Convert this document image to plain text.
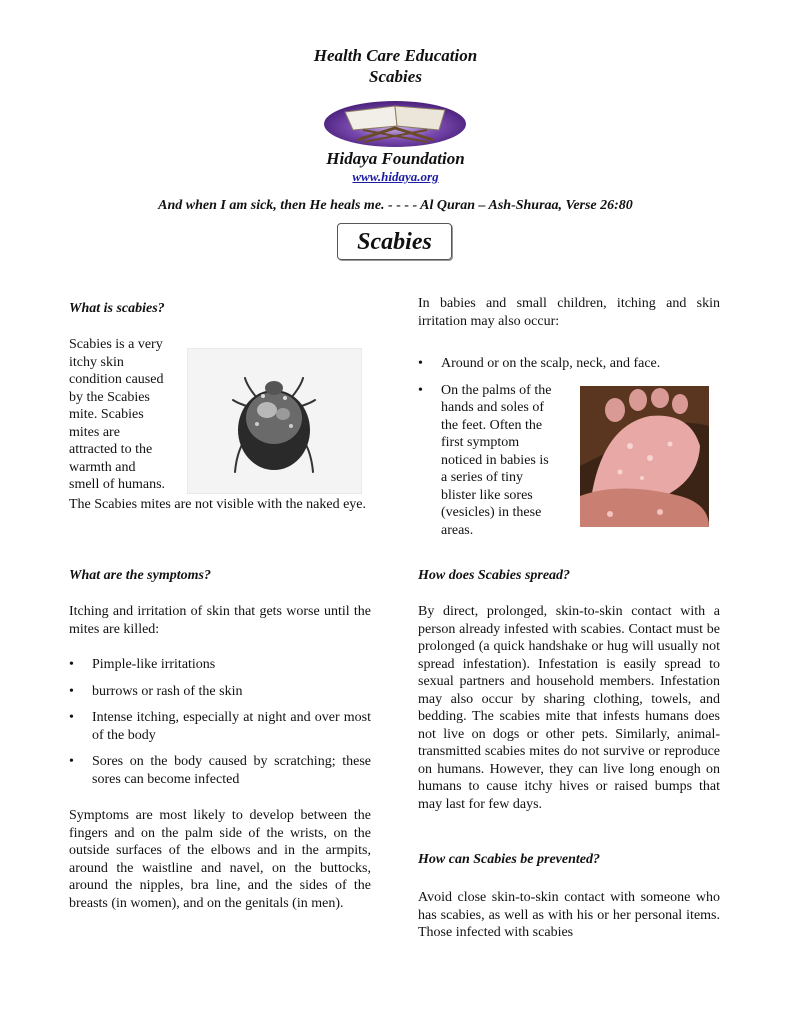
Health Care Education
Scabies
Hidaya Foundation
www.hidaya.org
And when I am sick, then He heals me. - - - - Al Quran – Ash-Shuraa, Verse 26:80
Scabies
What is scabies?
Scabies is a very
itchy skin
condition caused
by the Scabies
mite. Scabies
mites are
attracted to the
warmth and
smell of humans.
The Scabies mites are not visible with the naked eye.
What are the symptoms?
Itching and irritation of skin that gets worse until the mites are killed:
• Pimple-like irritations
• burrows or rash of the skin
• Intense itching, especially at night and over most of the body
• Sores on the body caused by scratching; these sores can become infected
Symptoms are most likely to develop between the fingers and on the palm side of the wrists, on the outside surfaces of the elbows and in the armpits, around the waistline and navel, on the buttocks, around the nipples, bra line, and the sides of the breasts (in women), and on the genitals (in men).
In babies and small children, itching and skin irritation may also occur:
• Around or on the scalp, neck, and face.
• On the palms of the
hands and soles of
the feet. Often the
first symptom
noticed in babies is
a series of tiny
blister like sores
(vesicles) in these
areas.
How does Scabies spread?
By direct, prolonged, skin-to-skin contact with a person already infested with scabies. Contact must be prolonged (a quick handshake or hug will usually not spread infestation). Infestation is easily spread to sexual partners and household members. Infestation may also occur by sharing clothing, towels, and bedding. The scabies mite that infests humans does not live on dogs or other pets. Similarly, animal-transmitted scabies mites do not survive or reproduce on humans. However, they can live long enough on humans to cause itchy hives or raised bumps that may last for few days.
How can Scabies be prevented?
Avoid close skin-to-skin contact with someone who has scabies, as well as with his or her personal items. Those infected with scabies
